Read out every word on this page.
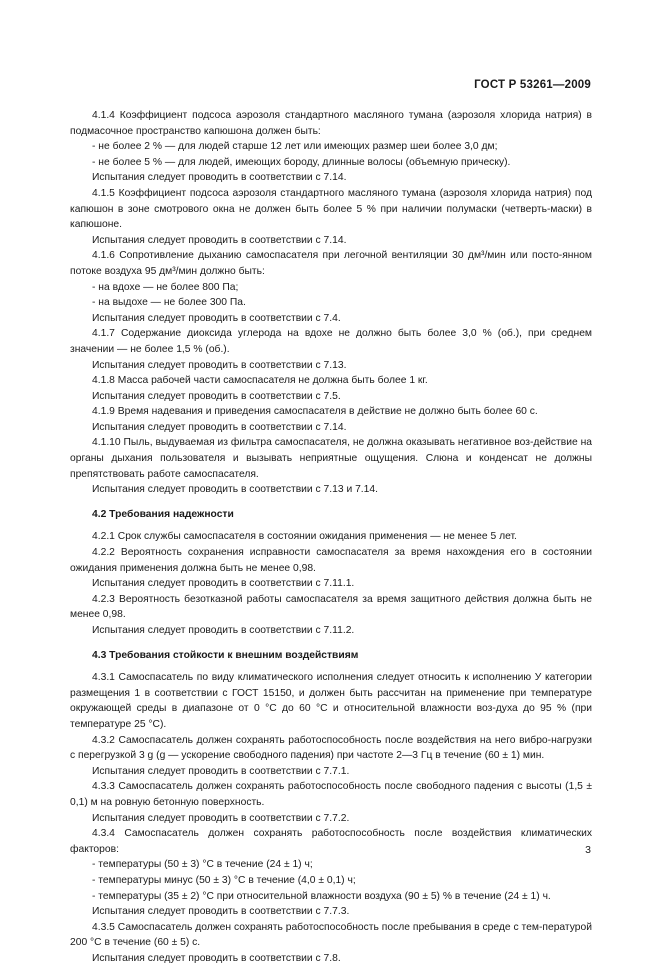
ГОСТ Р 53261—2009

4.1.4 Коэффициент подсоса аэрозоля стандартного масляного тумана (аэрозоля хлорида натрия) в подмасочное пространство капюшона должен быть:

- не более 2 % — для людей старше 12 лет или имеющих размер шеи более 3,0 дм;

- не более 5 % — для людей, имеющих бороду, длинные волосы (объемную прическу).

Испытания следует проводить в соответствии с 7.14.

4.1.5 Коэффициент подсоса аэрозоля стандартного масляного тумана (аэрозоля хлорида натрия) под капюшон в зоне смотрового окна не должен быть более 5 % при наличии полумаски (четверть-маски) в капюшоне.

Испытания следует проводить в соответствии с 7.14.

4.1.6 Сопротивление дыханию самоспасателя при легочной вентиляции 30 дм³/мин или посто-янном потоке воздуха 95 дм³/мин должно быть:

- на вдохе — не более 800 Па;

- на выдохе — не более 300 Па.

Испытания следует проводить в соответствии с 7.4.

4.1.7 Содержание диоксида углерода на вдохе не должно быть более 3,0 % (об.), при среднем значении — не более 1,5 % (об.).

Испытания следует проводить в соответствии с 7.13.

4.1.8 Масса рабочей части самоспасателя не должна быть более 1 кг.

Испытания следует проводить в соответствии с 7.5.

4.1.9 Время надевания и приведения самоспасателя в действие не должно быть более 60 с.

Испытания следует проводить в соответствии с 7.14.

4.1.10 Пыль, выдуваемая из фильтра самоспасателя, не должна оказывать негативное воз-действие на органы дыхания пользователя и вызывать неприятные ощущения. Слюна и конденсат не должны препятствовать работе самоспасателя.

Испытания следует проводить в соответствии с 7.13 и 7.14.

4.2 Требования надежности

4.2.1 Срок службы самоспасателя в состоянии ожидания применения — не менее 5 лет.

4.2.2 Вероятность сохранения исправности самоспасателя за время нахождения его в состоянии ожидания применения должна быть не менее 0,98.

Испытания следует проводить в соответствии с 7.11.1.

4.2.3 Вероятность безотказной работы самоспасателя за время защитного действия должна быть не менее 0,98.

Испытания следует проводить в соответствии с 7.11.2.

4.3 Требования стойкости к внешним воздействиям

4.3.1 Самоспасатель по виду климатического исполнения следует относить к исполнению У категории размещения 1 в соответствии с ГОСТ 15150, и должен быть рассчитан на применение при температуре окружающей среды в диапазоне от 0 °С до 60 °С и относительной влажности воз-духа до 95 % (при температуре 25 °С).

4.3.2 Самоспасатель должен сохранять работоспособность после воздействия на него вибро-нагрузки с перегрузкой 3 g (g — ускорение свободного падения) при частоте 2—3 Гц в течение (60 ± 1) мин.

Испытания следует проводить в соответствии с 7.7.1.

4.3.3 Самоспасатель должен сохранять работоспособность после свободного падения с высоты (1,5 ± 0,1) м на ровную бетонную поверхность.

Испытания следует проводить в соответствии с 7.7.2.

4.3.4 Самоспасатель должен сохранять работоспособность после воздействия климатических факторов:

- температуры (50 ± 3) °С в течение (24 ± 1) ч;

- температуры минус (50 ± 3) °С в течение (4,0 ± 0,1) ч;

- температуры (35 ± 2) °С при относительной влажности воздуха (90 ± 5) % в течение (24 ± 1) ч.

Испытания следует проводить в соответствии с 7.7.3.

4.3.5 Самоспасатель должен сохранять работоспособность после пребывания в среде с тем-пературой 200 °С в течение (60 ± 5) с.

Испытания следует проводить в соответствии с 7.8.

3
